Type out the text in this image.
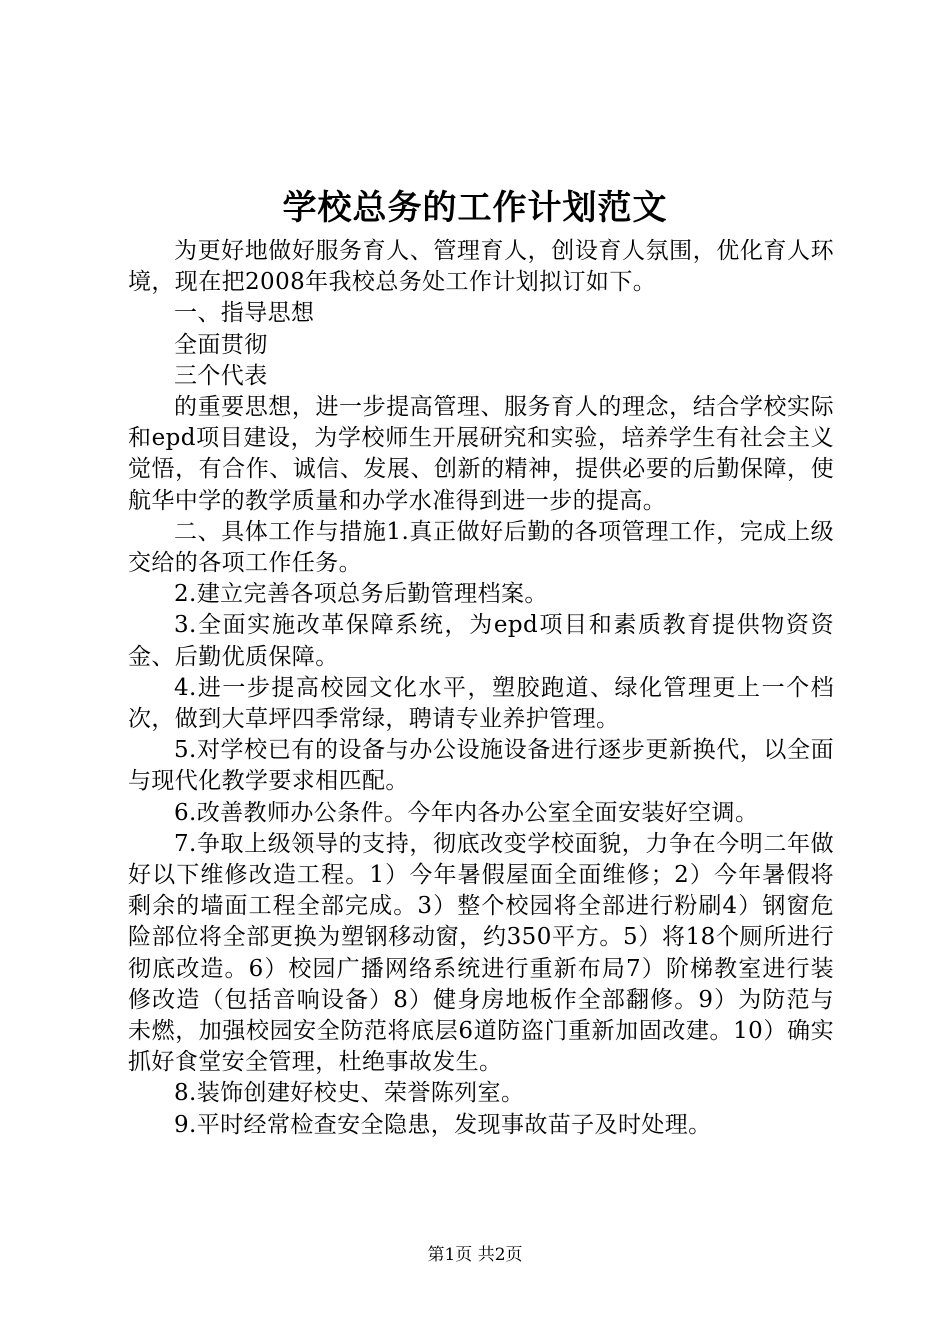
学校总务的工作计划范文

为更好地做好服务育人、管理育人，创设育人氛围，优化育人环境，现在把2008年我校总务处工作计划拟订如下。

一、指导思想

全面贯彻

三个代表

的重要思想，进一步提高管理、服务育人的理念，结合学校实际和epd项目建设，为学校师生开展研究和实验，培养学生有社会主义觉悟，有合作、诚信、发展、创新的精神，提供必要的后勤保障，使航华中学的教学质量和办学水准得到进一步的提高。

二、具体工作与措施1.真正做好后勤的各项管理工作，完成上级交给的各项工作任务。

2.建立完善各项总务后勤管理档案。

3.全面实施改革保障系统，为epd项目和素质教育提供物资资金、后勤优质保障。

4.进一步提高校园文化水平，塑胶跑道、绿化管理更上一个档次，做到大草坪四季常绿，聘请专业养护管理。

5.对学校已有的设备与办公设施设备进行逐步更新换代，以全面与现代化教学要求相匹配。

6.改善教师办公条件。今年内各办公室全面安装好空调。

7.争取上级领导的支持，彻底改变学校面貌，力争在今明二年做好以下维修改造工程。1）今年暑假屋面全面维修；2）今年暑假将剩余的墙面工程全部完成。3）整个校园将全部进行粉刷4）钢窗危险部位将全部更换为塑钢移动窗，约350平方。5）将18个厕所进行彻底改造。6）校园广播网络系统进行重新布局7）阶梯教室进行装修改造（包括音响设备）8）健身房地板作全部翻修。9）为防范与未燃，加强校园安全防范将底层6道防盗门重新加固改建。10）确实抓好食堂安全管理，杜绝事故发生。

8.装饰创建好校史、荣誉陈列室。

9.平时经常检查安全隐患，发现事故苗子及时处理。

第1页 共2页
